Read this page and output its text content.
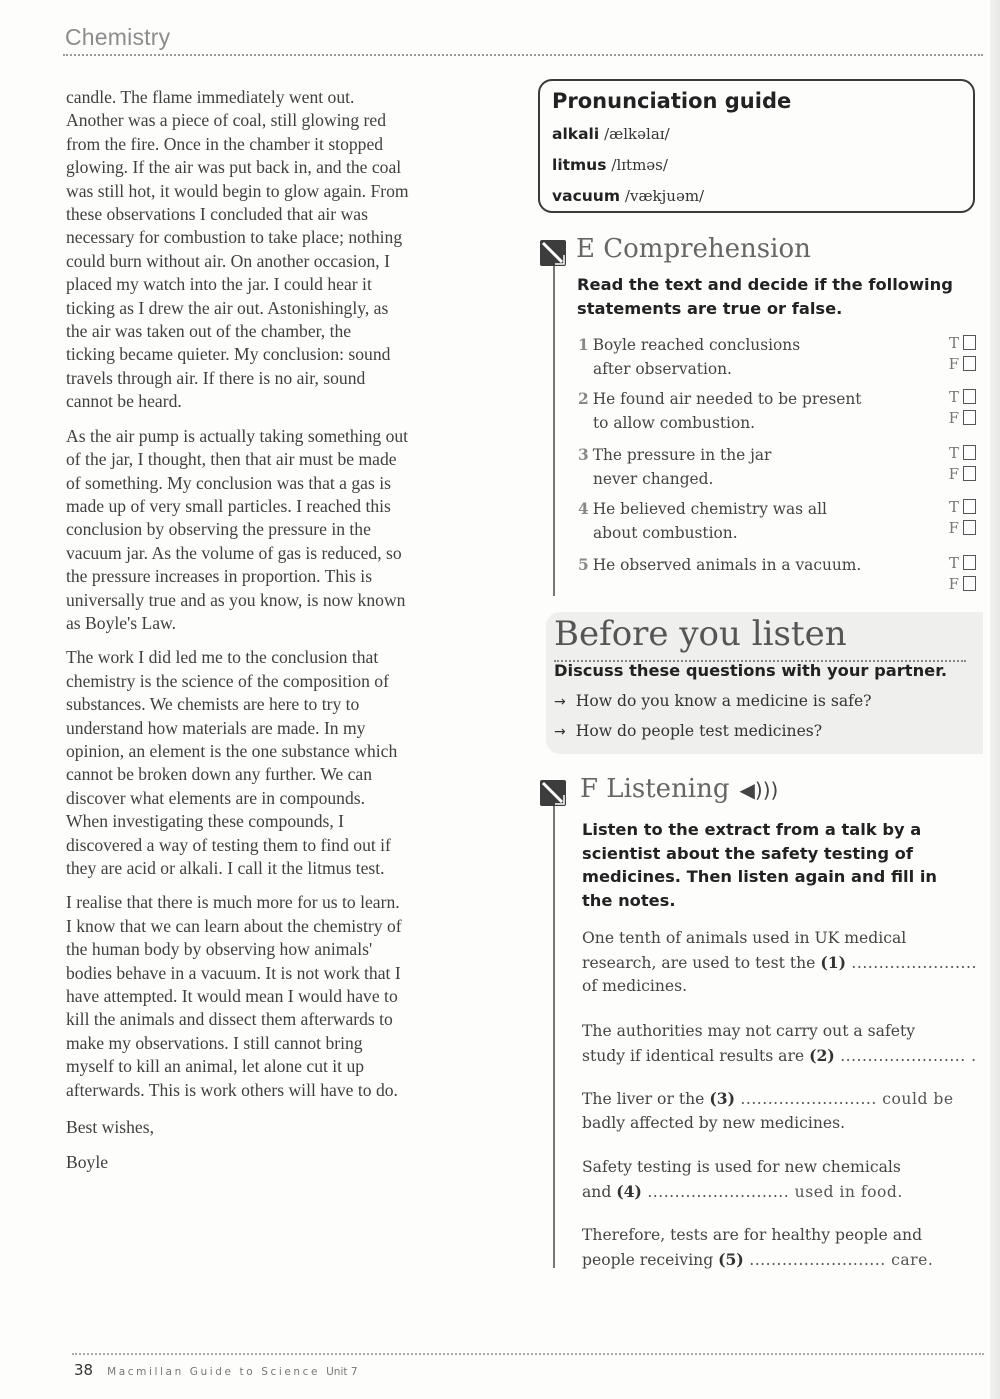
Chemistry

candle. The flame immediately went out.
Another was a piece of coal, still glowing red
from the fire. Once in the chamber it stopped
glowing. If the air was put back in, and the coal
was still hot, it would begin to glow again. From
these observations I concluded that air was
necessary for combustion to take place; nothing
could burn without air. On another occasion, I
placed my watch into the jar. I could hear it
ticking as I drew the air out. Astonishingly, as
the air was taken out of the chamber, the
ticking became quieter. My conclusion: sound
travels through air. If there is no air, sound
cannot be heard.

As the air pump is actually taking something out
of the jar, I thought, then that air must be made
of something. My conclusion was that a gas is
made up of very small particles. I reached this
conclusion by observing the pressure in the
vacuum jar. As the volume of gas is reduced, so
the pressure increases in proportion. This is
universally true and as you know, is now known
as Boyle's Law.

The work I did led me to the conclusion that
chemistry is the science of the composition of
substances. We chemists are here to try to
understand how materials are made. In my
opinion, an element is the one substance which
cannot be broken down any further. We can
discover what elements are in compounds.
When investigating these compounds, I
discovered a way of testing them to find out if
they are acid or alkali. I call it the litmus test.

I realise that there is much more for us to learn.
I know that we can learn about the chemistry of
the human body by observing how animals'
bodies behave in a vacuum. It is not work that I
have attempted. It would mean I would have to
kill the animals and dissect them afterwards to
make my observations. I still cannot bring
myself to kill an animal, let alone cut it up
afterwards. This is work others will have to do.

Best wishes,

Boyle

Pronunciation guide
alkali /ælkəlaɪ/
litmus /lɪtməs/
vacuum /vækjuəm/
E Comprehension
Read the text and decide if the following
statements are true or false.
1 Boyle reached conclusions
after observation.
T
F
2 He found air needed to be present
to allow combustion.
T
F
3 The pressure in the jar
never changed.
T
F
4 He believed chemistry was all
about combustion.
T
F
5 He observed animals in a vacuum.	T
F
Before you listen
Discuss these questions with your partner.
→ How do you know a medicine is safe?
→ How do people test medicines?
F Listening ◀)))
Listen to the extract from a talk by a
scientist about the safety testing of
medicines. Then listen again and fill in
the notes.
One tenth of animals used in UK medical
research, are used to test the (1) .......................
of medicines.
The authorities may not carry out a safety
study if identical results are (2) ....................... .
The liver or the (3) ......................... could be
badly affected by new medicines.
Safety testing is used for new chemicals
and (4) .......................... used in food.
Therefore, tests are for healthy people and
people receiving (5) ......................... care.
38 Macmillan Guide to Science Unit 7
